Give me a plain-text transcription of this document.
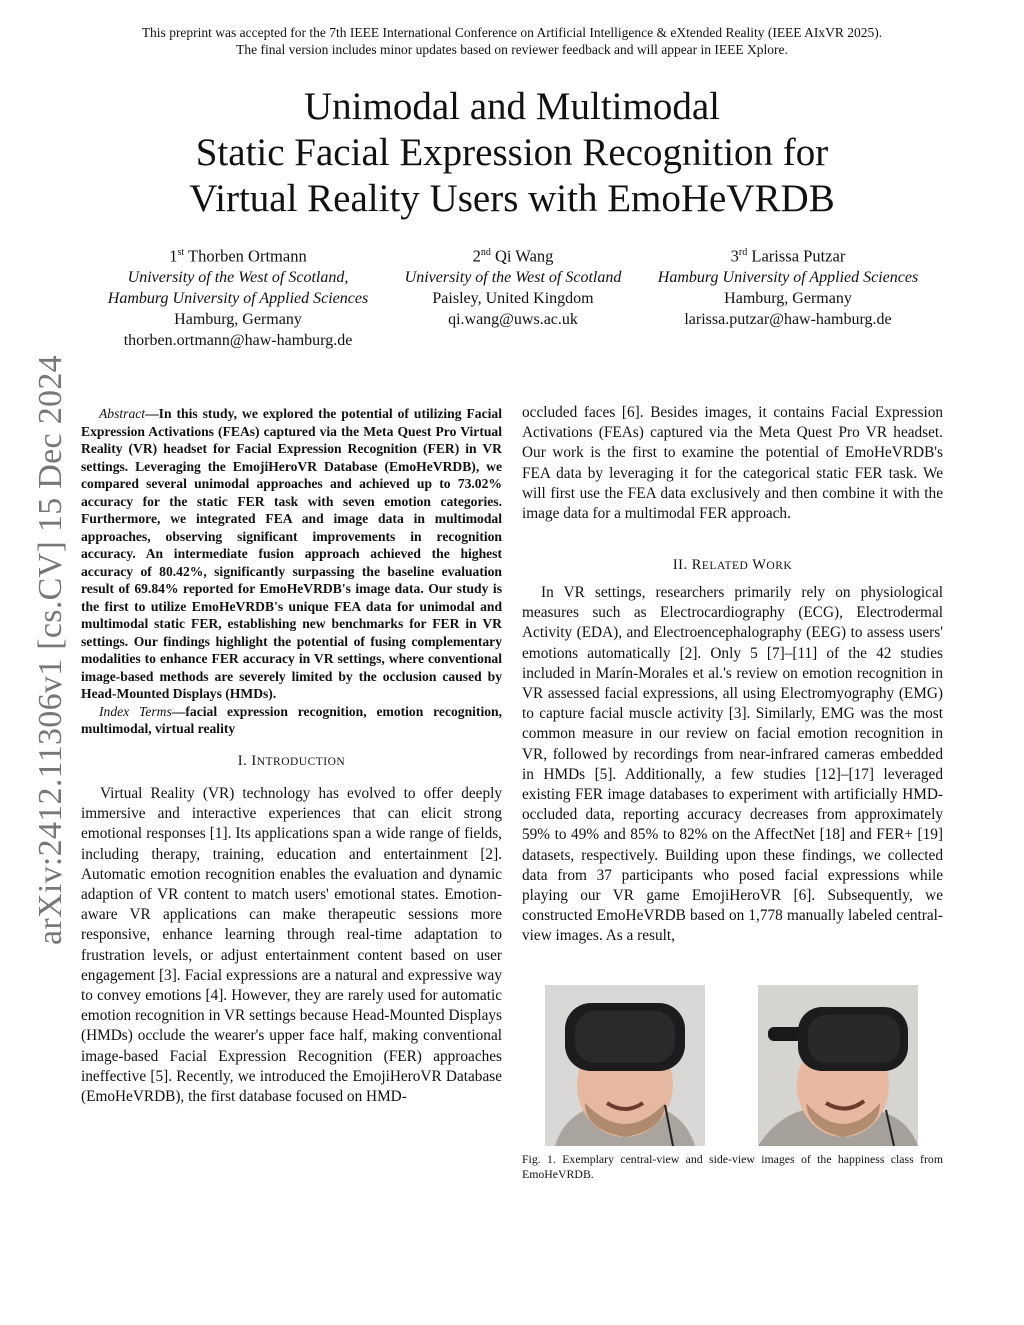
This preprint was accepted for the 7th IEEE International Conference on Artificial Intelligence & eXtended Reality (IEEE AIxVR 2025).
The final version includes minor updates based on reviewer feedback and will appear in IEEE Xplore.
Unimodal and Multimodal
Static Facial Expression Recognition for
Virtual Reality Users with EmoHeVRDB
1st Thorben Ortmann
University of the West of Scotland,
Hamburg University of Applied Sciences
Hamburg, Germany
thorben.ortmann@haw-hamburg.de
2nd Qi Wang
University of the West of Scotland
Paisley, United Kingdom
qi.wang@uws.ac.uk
3rd Larissa Putzar
Hamburg University of Applied Sciences
Hamburg, Germany
larissa.putzar@haw-hamburg.de
arXiv:2412.11306v1 [cs.CV] 15 Dec 2024	Abstract—In this study, we explored the potential of utilizing Facial Expression Activations (FEAs) captured via the Meta Quest Pro Virtual Reality (VR) headset for Facial Expression Recognition (FER) in VR settings. Leveraging the EmojiHeroVR Database (EmoHeVRDB), we compared several unimodal approaches and achieved up to 73.02% accuracy for the static FER task with seven emotion categories. Furthermore, we integrated FEA and image data in multimodal approaches, observing significant improvements in recognition accuracy. An intermediate fusion approach achieved the highest accuracy of 80.42%, significantly surpassing the baseline evaluation result of 69.84% reported for EmoHeVRDB's image data. Our study is the first to utilize EmoHeVRDB's unique FEA data for unimodal and multimodal static FER, establishing new benchmarks for FER in VR settings. Our findings highlight the potential of fusing complementary modalities to enhance FER accuracy in VR settings, where conventional image-based methods are severely limited by the occlusion caused by Head-Mounted Displays (HMDs).

Index Terms—facial expression recognition, emotion recognition, multimodal, virtual reality

I. INTRODUCTION

Virtual Reality (VR) technology has evolved to offer deeply immersive and interactive experiences that can elicit strong emotional responses [1]. Its applications span a wide range of fields, including therapy, training, education and entertainment [2]. Automatic emotion recognition enables the evaluation and dynamic adaption of VR content to match users' emotional states. Emotion-aware VR applications can make therapeutic sessions more responsive, enhance learning through real-time adaptation to frustration levels, or adjust entertainment content based on user engagement [3]. Facial expressions are a natural and expressive way to convey emotions [4]. However, they are rarely used for automatic emotion recognition in VR settings because Head-Mounted Displays (HMDs) occlude the wearer's upper face half, making conventional image-based Facial Expression Recognition (FER) approaches ineffective [5]. Recently, we introduced the EmojiHeroVR Database (EmoHeVRDB), the first database focused on HMD-

occluded faces [6]. Besides images, it contains Facial Expression Activations (FEAs) captured via the Meta Quest Pro VR headset. Our work is the first to examine the potential of EmoHeVRDB's FEA data by leveraging it for the categorical static FER task. We will first use the FEA data exclusively and then combine it with the image data for a multimodal FER approach.

II. RELATED WORK

In VR settings, researchers primarily rely on physiological measures such as Electrocardiography (ECG), Electrodermal Activity (EDA), and Electroencephalography (EEG) to assess users' emotions automatically [2]. Only 5 [7]–[11] of the 42 studies included in Marín-Morales et al.'s review on emotion recognition in VR assessed facial expressions, all using Electromyography (EMG) to capture facial muscle activity [3]. Similarly, EMG was the most common measure in our review on facial emotion recognition in VR, followed by recordings from near-infrared cameras embedded in HMDs [5]. Additionally, a few studies [12]–[17] leveraged existing FER image databases to experiment with artificially HMD-occluded data, reporting accuracy decreases from approximately 59% to 49% and 85% to 82% on the AffectNet [18] and FER+ [19] datasets, respectively. Building upon these findings, we collected data from 37 participants who posed facial expressions while playing our VR game EmojiHeroVR [6]. Subsequently, we constructed EmoHeVRDB based on 1,778 manually labeled central-view images. As a result,

Fig. 1. Exemplary central-view and side-view images of the happiness class from EmoHeVRDB.
